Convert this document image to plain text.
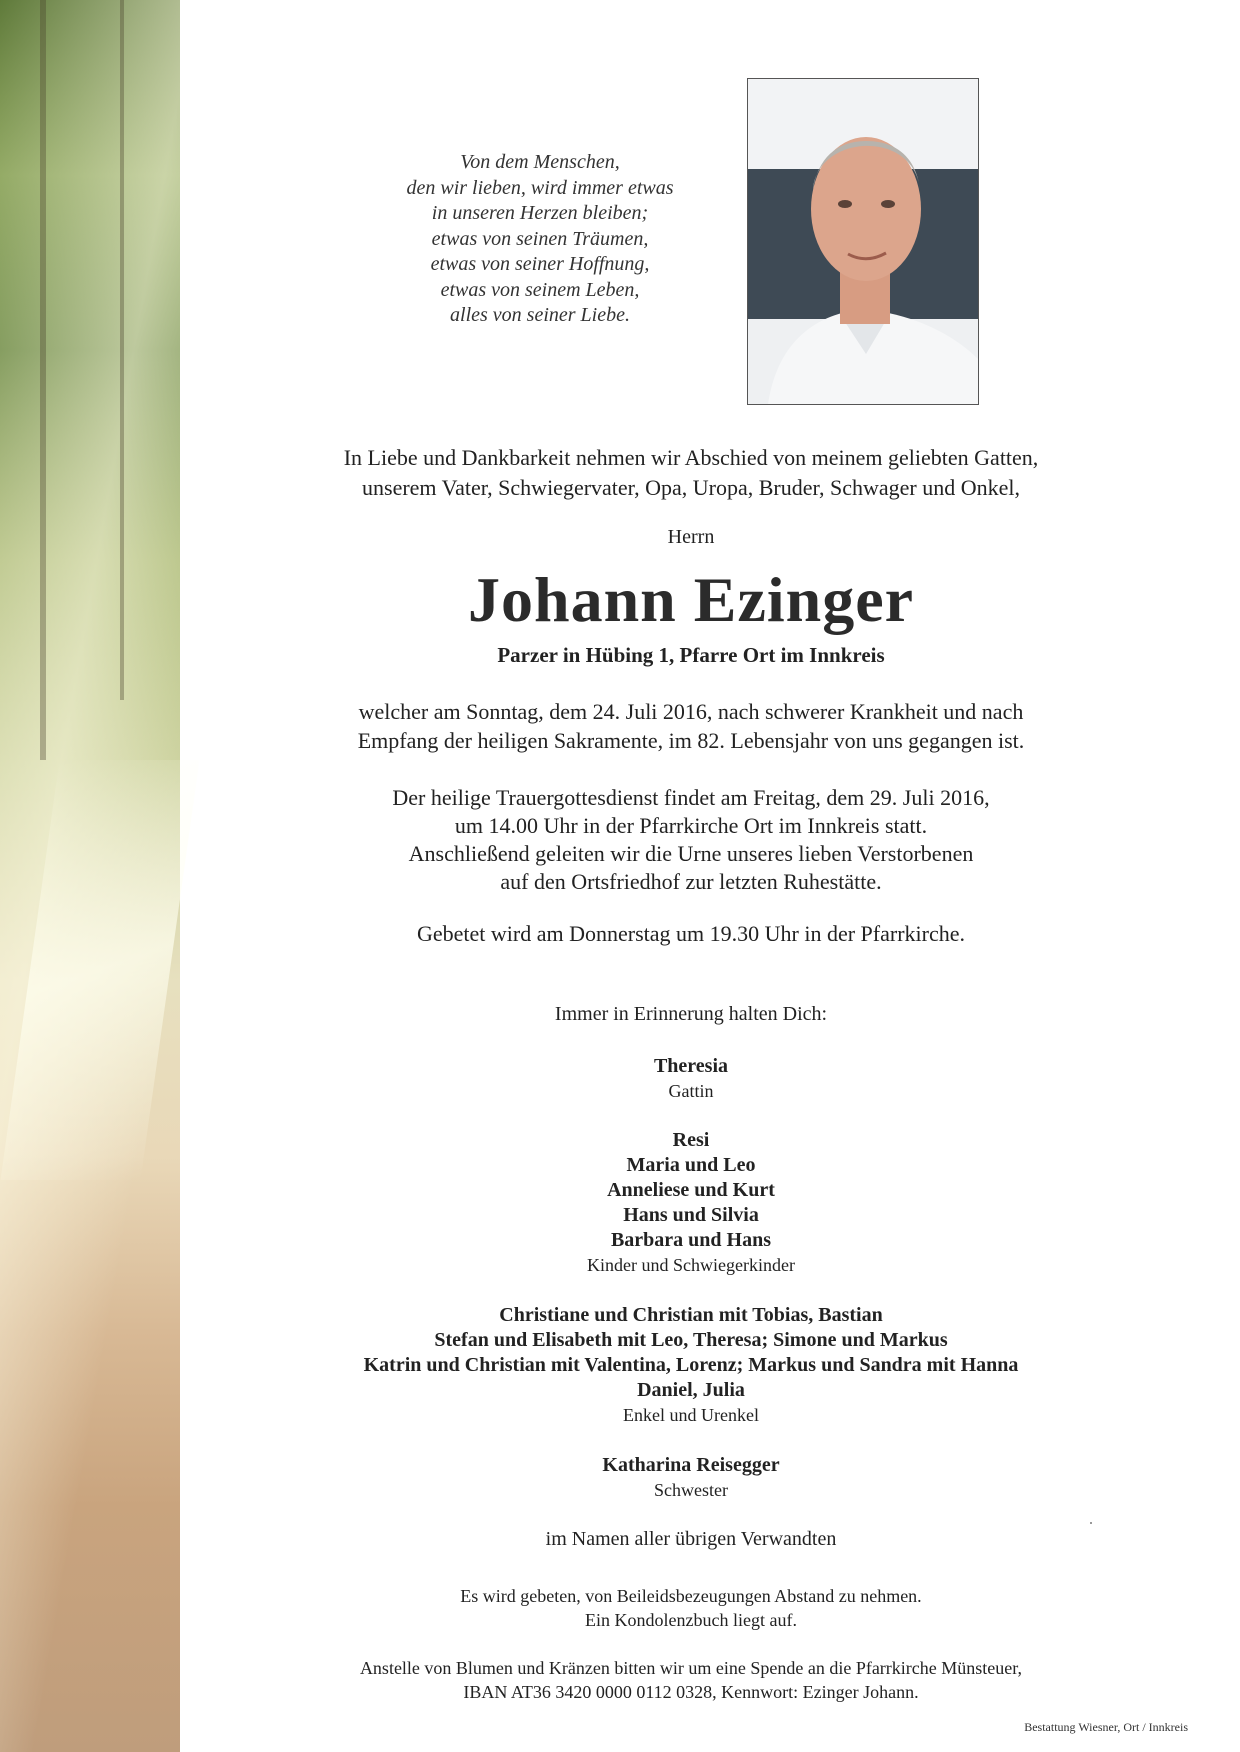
Von dem Menschen,
den wir lieben, wird immer etwas
in unseren Herzen bleiben;
etwas von seinen Träumen,
etwas von seiner Hoffnung,
etwas von seinem Leben,
alles von seiner Liebe.
In Liebe und Dankbarkeit nehmen wir Abschied von meinem geliebten Gatten,
unserem Vater, Schwiegervater, Opa, Uropa, Bruder, Schwager und Onkel,
Herrn
Johann Ezinger
Parzer in Hübing 1, Pfarre Ort im Innkreis
welcher am Sonntag, dem 24. Juli 2016, nach schwerer Krankheit und nach
Empfang der heiligen Sakramente, im 82. Lebensjahr von uns gegangen ist.
Der heilige Trauergottesdienst findet am Freitag, dem 29. Juli 2016,
um 14.00 Uhr in der Pfarrkirche Ort im Innkreis statt.
Anschließend geleiten wir die Urne unseres lieben Verstorbenen
auf den Ortsfriedhof zur letzten Ruhestätte.
Gebetet wird am Donnerstag um 19.30 Uhr in der Pfarrkirche.
Immer in Erinnerung halten Dich:
Theresia
Gattin
Resi
Maria und Leo
Anneliese und Kurt
Hans und Silvia
Barbara und Hans
Kinder und Schwiegerkinder
Christiane und Christian mit Tobias, Bastian
Stefan und Elisabeth mit Leo, Theresa; Simone und Markus
Katrin und Christian mit Valentina, Lorenz; Markus und Sandra mit Hanna
Daniel, Julia
Enkel und Urenkel
Katharina Reisegger
Schwester
im Namen aller übrigen Verwandten
Es wird gebeten, von Beileidsbezeugungen Abstand zu nehmen.
Ein Kondolenzbuch liegt auf.
Anstelle von Blumen und Kränzen bitten wir um eine Spende an die Pfarrkirche Münsteuer,
IBAN AT36 3420 0000 0112 0328, Kennwort: Ezinger Johann.
Bestattung Wiesner, Ort / Innkreis
